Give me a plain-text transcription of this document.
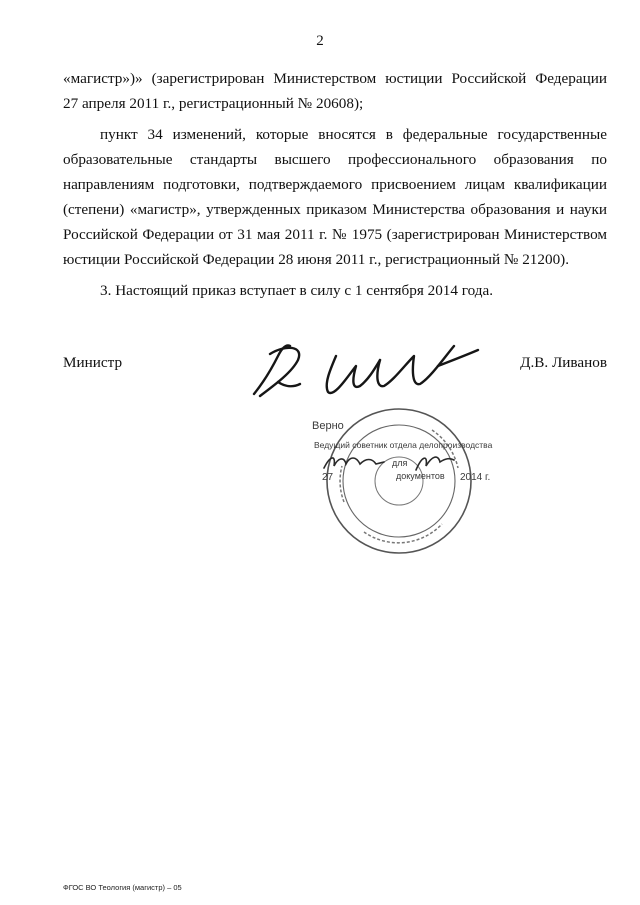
2
«магистр»)» (зарегистрирован Министерством юстиции Российской Федерации
27 апреля 2011 г., регистрационный № 20608);
пункт 34 изменений, которые вносятся в федеральные государственные
образовательные стандарты высшего профессионального образования по
направлениям подготовки, подтверждаемого присвоением лицам квалификации
(степени) «магистр», утвержденных приказом Министерства образования и науки
Российской Федерации от 31 мая 2011 г. № 1975 (зарегистрирован Министерством
юстиции Российской Федерации 28 июня 2011 г., регистрационный № 21200).
3. Настоящий приказ вступает в силу с 1 сентября 2014 года.
Министр	Д.В. Ливанов
Верно
Ведущий советник отдела делопроизводства
27
для
документов 2014 г.
ФГОС ВО Теология (магистр) – 05
